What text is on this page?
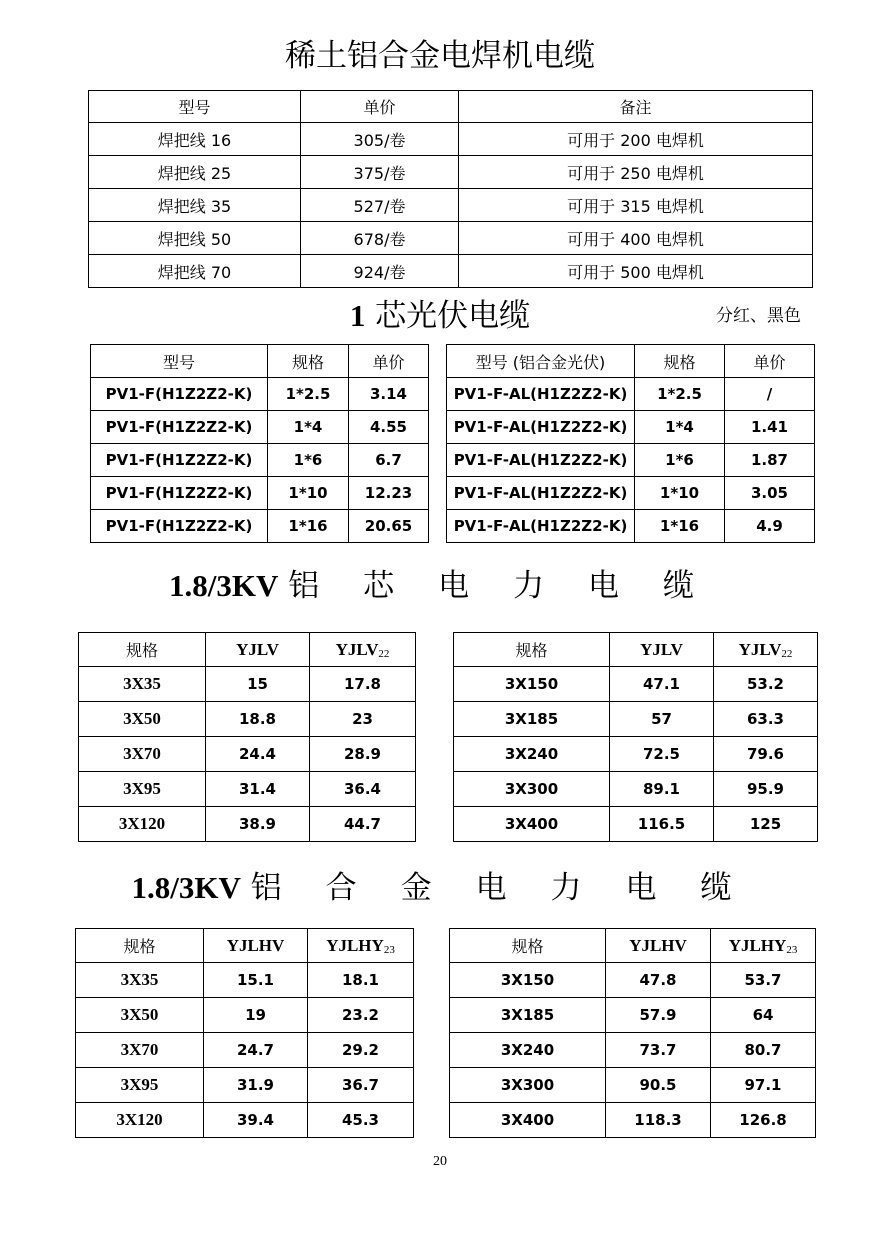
稀土铝合金电焊机电缆
型号	单价	备注
焊把线 16	305/卷	可用于 200 电焊机
焊把线 25	375/卷	可用于 250 电焊机
焊把线 35	527/卷	可用于 315 电焊机
焊把线 50	678/卷	可用于 400 电焊机
焊把线 70	924/卷	可用于 500 电焊机
1 芯光伏电缆	分红、黑色
型号	规格	单价		型号 (铝合金光伏)	规格	单价
PV1-F(H1Z2Z2-K)	1*2.5	3.14		PV1-F-AL(H1Z2Z2-K)	1*2.5	/
PV1-F(H1Z2Z2-K)	1*4	4.55		PV1-F-AL(H1Z2Z2-K)	1*4	1.41
PV1-F(H1Z2Z2-K)	1*6	6.7		PV1-F-AL(H1Z2Z2-K)	1*6	1.87
PV1-F(H1Z2Z2-K)	1*10	12.23		PV1-F-AL(H1Z2Z2-K)	1*10	3.05
PV1-F(H1Z2Z2-K)	1*16	20.65		PV1-F-AL(H1Z2Z2-K)	1*16	4.9
1.8/3KV 铝 芯 电 力 电 缆
规格	YJLV	$YJLV_{22}$		规格	YJLV	$YJLV_{22}$
3X35	15	17.8		3X150	47.1	53.2
3X50	18.8	23		3X185	57	63.3
3X70	24.4	28.9		3X240	72.5	79.6
3X95	31.4	36.4		3X300	89.1	95.9
3X120	38.9	44.7		3X400	116.5	125
1.8/3KV 铝 合 金 电 力 电 缆
规格	YJLHV	$YJLHY_{23}$		规格	YJLHV	$YJLHY_{23}$
3X35	15.1	18.1		3X150	47.8	53.7
3X50	19	23.2		3X185	57.9	64
3X70	24.7	29.2		3X240	73.7	80.7
3X95	31.9	36.7		3X300	90.5	97.1
3X120	39.4	45.3		3X400	118.3	126.8
20
